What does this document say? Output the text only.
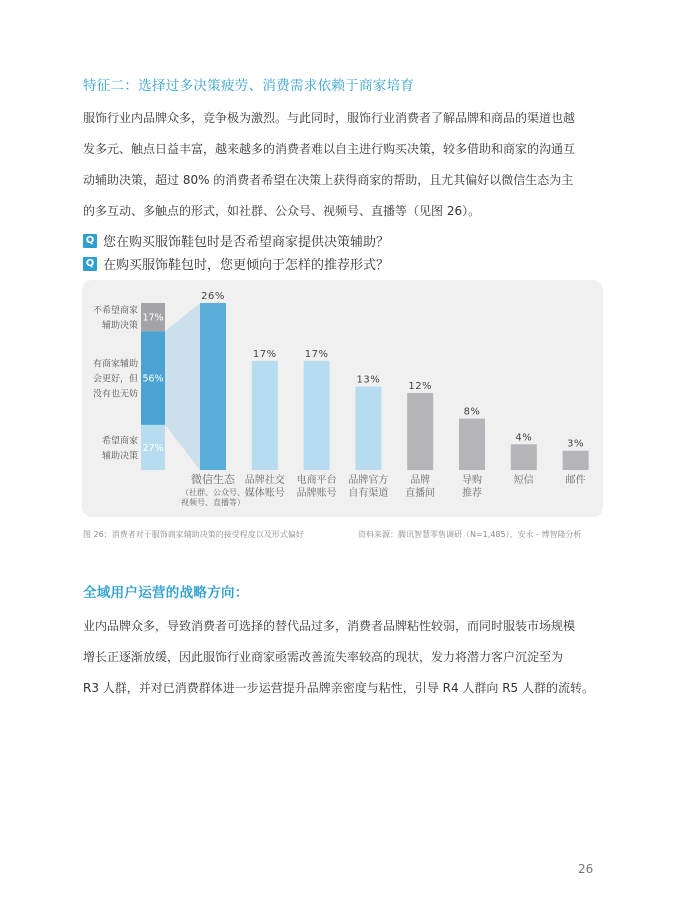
特征二：选择过多决策疲劳、消费需求依赖于商家培育
服饰行业内品牌众多，竞争极为激烈。与此同时，服饰行业消费者了解品牌和商品的渠道也越
发多元、触点日益丰富，越来越多的消费者难以自主进行购买决策，较多借助和商家的沟通互
动辅助决策，超过 80% 的消费者希望在决策上获得商家的帮助，且尤其偏好以微信生态为主
的多互动、多触点的形式，如社群、公众号、视频号、直播等（见图 26）。
Q 您在购买服饰鞋包时是否希望商家提供决策辅助？
Q 在购买服饰鞋包时，您更倾向于怎样的推荐形式？
17%
不希望商家
辅助决策
56%
有商家辅助
会更好，但
没有也无妨
27%
希望商家
辅助决策
26%
微信生态
17%
品牌社交
媒体账号
17%
电商平台
品牌账号
13%
品牌官方
自有渠道
12%
品牌
直播间
8%
导购
推荐
4%
短信
3%
邮件
（社群、公众号、
视频号、直播等）
图 26：消费者对于服饰商家辅助决策的接受程度以及形式偏好	资料来源：腾讯智慧零售调研（N=1,485）、安永 - 博智隆分析
全域用户运营的战略方向：
业内品牌众多，导致消费者可选择的替代品过多，消费者品牌粘性较弱，而同时服装市场规模
增长正逐渐放缓，因此服饰行业商家亟需改善流失率较高的现状，发力将潜力客户沉淀至为
R3 人群，并对已消费群体进一步运营提升品牌亲密度与粘性，引导 R4 人群向 R5 人群的流转。
26
